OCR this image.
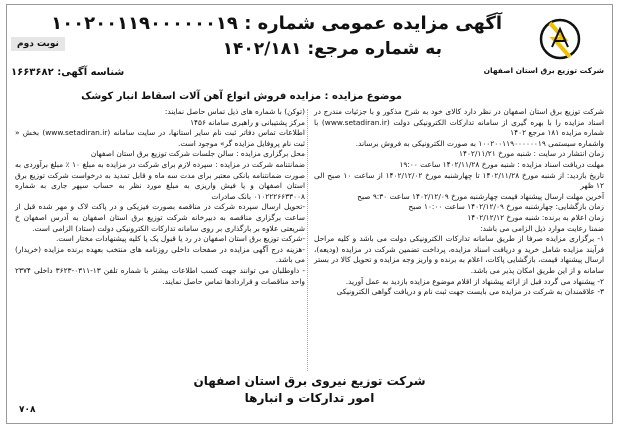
شرکت توزیع برق استان اصفهان
آگهی مزایده عمومی شماره : ۱۰۰۲۰۰۱۱۹۰۰۰۰۰۰۱۹
به شماره مرجع: ۱۴۰۲/۱۸۱
نوبت دوم
شناسه آگهی: ۱۶۶۳۶۸۲
موضوع مزایده : مزایده فروش انواع آهن آلات اسقاط انبار کوشک

شرکت توزیع برق استان اصفهان در نظر دارد کالای خود به شرح مذکور و با جزئیات مندرج در اسناد مزایده را با بهره گیری از سامانه تدارکات الکترونیکی دولت (www.setadiran.ir) با شماره مزایده ۱۸۱ مرجع ۱۴۰۲

واشماره سیستمی ۱۰۰۲۰۰۱۱۹۰۰۰۰۰۰۱۹ به صورت الکترونیکی به فروش برساند.

زمان انتشار در سایت : شنبه مورخ ۱۴۰۲/۱۱/۲۱

مهلت دریافت اسناد مزایده : شنبه مورخ ۱۴۰۲/۱۱/۲۸ ساعت ۱۹:۰۰

تاریخ بازدید: از شنبه مورخ ۱۴۰۲/۱۱/۲۸ تا چهارشنبه مورخ ۱۴۰۲/۱۲/۰۲ از ساعت ۱۰ صبح الی ۱۲ ظهر

آخرین مهلت ارسال پیشنهاد قیمت چهارشنبه مورخ ۱۴۰۲/۱۲/۰۹ ساعت ۹:۳۰ صبح

زمان بازگشایی: چهارشنبه مورخ ۱۴۰۲/۱۲/۰۹ ساعت ۱۰:۰۰ صبح

زمان اعلام به برنده: شنبه مورخ ۱۴۰۲/۱۲/۱۲

ضمنا رعایت موارد ذیل الزامی می باشد:

۱- برگزاری مزایده صرفا از طریق سامانه تدارکات الکترونیکی دولت می باشد و کلیه مراحل فرآیند مزایده شامل خرید و دریافت اسناد مزایده، پرداخت تضمین شرکت در مزایده (ودیعه)، ارسال پیشنهاد قیمت، بازگشایی پاکات، اعلام به برنده و واریز وجه مزایده و تحویل کالا در بستر سامانه و از این طریق امکان پذیر می باشد.

۲- پیشنهاد می گردد قبل از ارائه پیشنهاد از اقلام موضوع مزایده بازدید به عمل آورید.

۳- علاقمندان به شرکت در مزایده می بایست جهت ثبت نام و دریافت گواهی الکترونیکی

(توکن) با شماره های ذیل تماس حاصل نمایند:

مرکز پشتیبانی و راهبری سامانه ۱۴۵۶

اطلاعات تماس دفاتر ثبت نام سایر استانها، در سایت سامانه (www.setadiran.ir) بخش « ثبت نام پروفایل مزایده گر» موجود است.

محل برگزاری مزایده : سالن جلسات شرکت توزیع برق استان اصفهان

ضمانتنامه شرکت در مزایده : سپرده لازم برای شرکت در مزایده به مبلغ ۱۰ ٪ مبلغ برآوردی به صورت ضمانتنامه بانکی معتبر برای مدت سه ماه و قابل تمدید به درخواست شرکت توزیع برق استان اصفهان و یا فیش واریزی به مبلغ مورد نظر به حساب سپهر جاری به شماره ۰۱۰۲۲۲۶۶۳۳۰۰۸ بانک صادرات

-تحویل ارسال سپرده شرکت در مناقصه بصورت فیزیکی و در پاکت لاک و مهر شده قبل از ساعت برگزاری مناقصه به دبیرخانه شرکت توزیع برق استان اصفهان به آدرس اصفهان خ شریعتی علاوه بر بارگذاری بر روی سامانه تدارکات الکترونیکی دولت (ستاد) الزامی است.

-شرکت توزیع برق استان اصفهان در رد یا قبول یک یا کلیه پیشنهادات مختار است.

-هزینه درج آگهی مزایده در صفحات داخلی روزنامه های منتخب بعهده برنده مزایده (خریدار) می باشد.

- داوطلبان می توانند جهت کسب اطلاعات بیشتر با شماره تلفن ۱۳-۰۳۱۱-۳۶۲۳ داخلی ۲۳۷۴ واحد مناقصات و قراردادها تماس حاصل نمایند.

شرکت توزیع نیروی برق استان اصفهان
امور تدارکات و انبارها
۷۰۸
